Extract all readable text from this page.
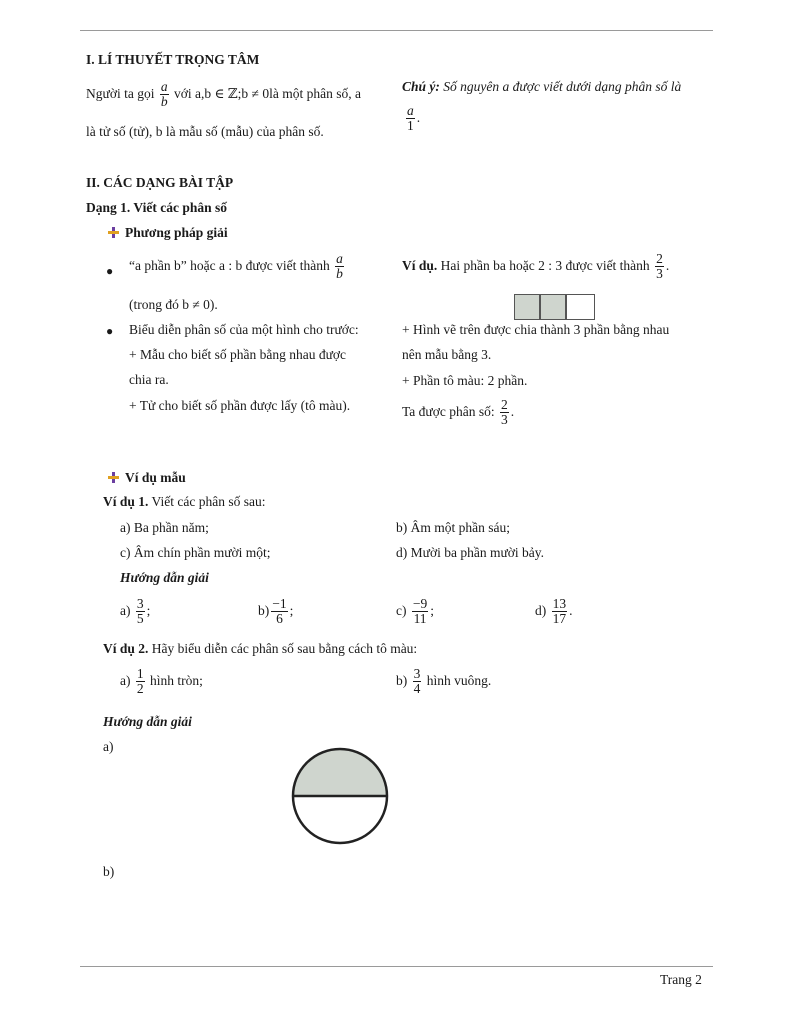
I. LÍ THUYẾT TRỌNG TÂM
Người ta gọi $\frac{a}{b}$ với a,b ∈ ℤ;b ≠ 0là một phân số, a
là tử số (tử), b là mẫu số (mẫu) của phân số.
Chú ý: Số nguyên a được viết dưới dạng phân số là
$\frac{a}{1}$ .
II. CÁC DẠNG BÀI TẬP
Dạng 1. Viết các phân số
Phương pháp giải
● “a phần b” hoặc a : b được viết thành $\frac{a}{b}$
(trong đó b ≠ 0).
Ví dụ. Hai phần ba hoặc 2 : 3 được viết thành $\frac{2}{3}$ .
● Biểu diễn phân số của một hình cho trước:
+ Mẫu cho biết số phần bằng nhau được
chia ra.
+ Tử cho biết số phần được lấy (tô màu).
+ Hình vẽ trên được chia thành 3 phần bằng nhau
nên mẫu bằng 3.
+ Phần tô màu: 2 phần.
Ta được phân số: $\frac{2}{3}$ .
Ví dụ mẫu
Ví dụ 1. Viết các phân số sau:
a) Ba phần năm;	b) Âm một phần sáu;
c) Âm chín phần mười một;	d) Mười ba phần mười bảy.
Hướng dẫn giải
$a) \frac{3}{5}$ ;	$b) \frac{-1}{6}$ ;	$c) \frac{-9}{11}$ ;	$d) \frac{13}{17}$ .
Ví dụ 2. Hãy biểu diễn các phân số sau bằng cách tô màu:
$a) \frac{1}{2}$ hình tròn;	$b) \frac{3}{4}$ hình vuông.
Hướng dẫn giải
a)
b)
Trang 2
